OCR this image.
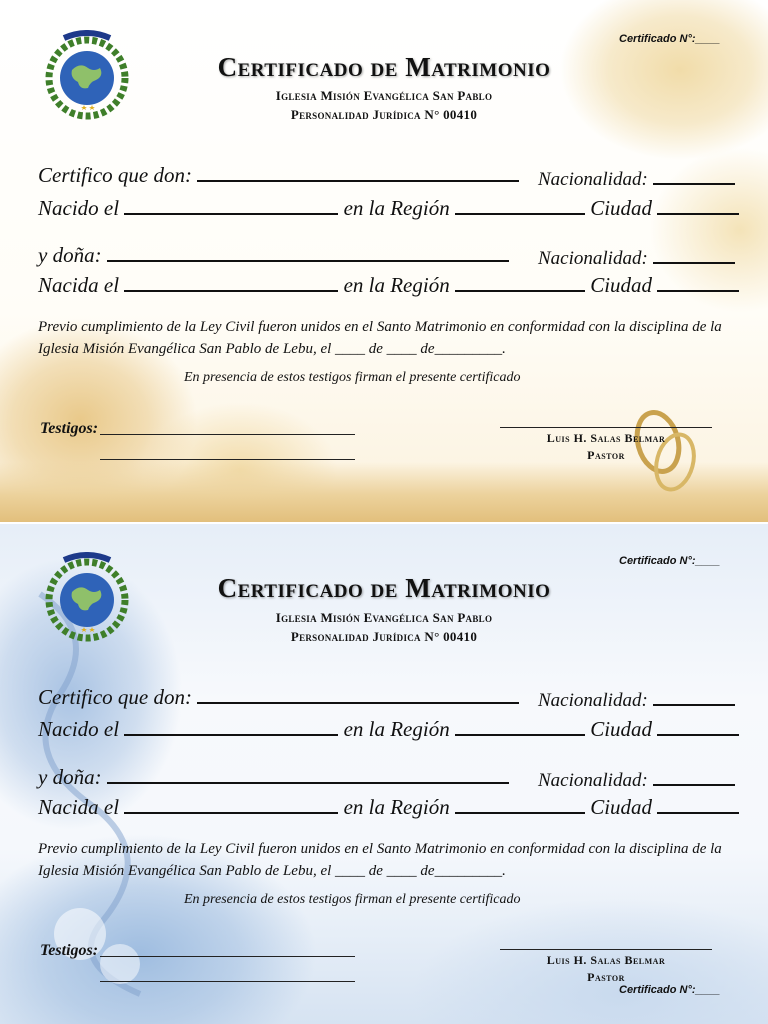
Certificado N°:____
Certificado de Matrimonio
Iglesia Misión Evangélica San Pablo
Personalidad Jurídica N° 00410
Certifico que don:	Nacionalidad:
Nacido el	en la Región	Ciudad
y doña:	Nacionalidad:
Nacida el	en la Región	Ciudad
Previo cumplimiento de la Ley Civil fueron unidos en el Santo Matrimonio en conformidad con la disciplina de la Iglesia Misión Evangélica San Pablo de Lebu, el ____ de ____ de_________.
En presencia de estos testigos firman el presente certificado
Testigos:
Luis H. Salas Belmar
Pastor
Certificado N°:____
Certificado de Matrimonio
Iglesia Misión Evangélica San Pablo
Personalidad Jurídica N° 00410
Certifico que don:	Nacionalidad:
Nacido el	en la Región	Ciudad
y doña:	Nacionalidad:
Nacida el	en la Región	Ciudad
Previo cumplimiento de la Ley Civil fueron unidos en el Santo Matrimonio en conformidad con la disciplina de la Iglesia Misión Evangélica San Pablo de Lebu, el ____ de ____ de_________.
En presencia de estos testigos firman el presente certificado
Testigos:
Luis H. Salas Belmar
Pastor
Certificado N°:____
